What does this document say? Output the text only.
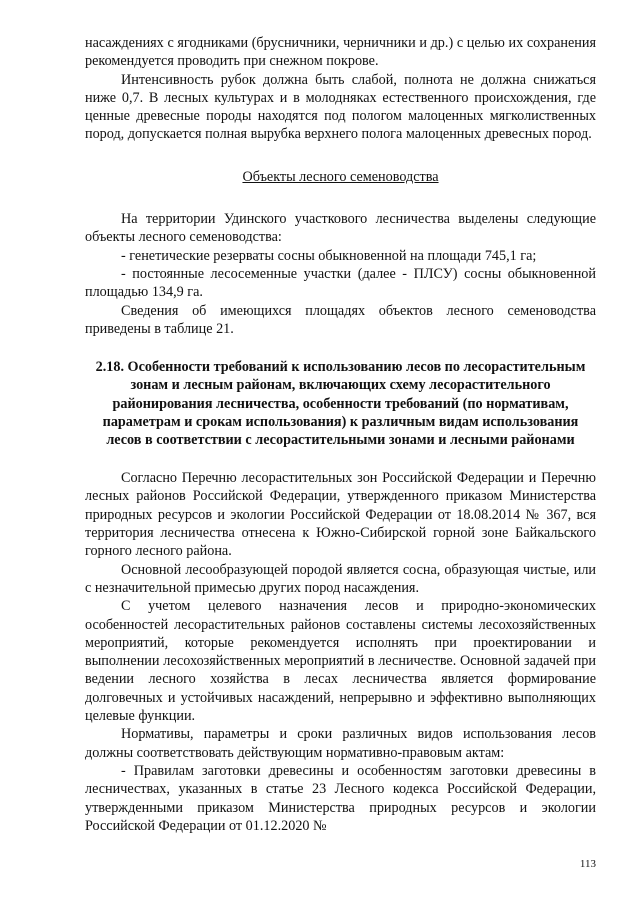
насаждениях с ягодниками (брусничники, черничники и др.) с целью их сохранения рекомендуется проводить при снежном покрове.

Интенсивность рубок должна быть слабой, полнота не должна снижаться ниже 0,7. В лесных культурах и в молодняках естественного происхождения, где ценные древесные породы находятся под пологом малоценных мягколиственных пород, допускается полная вырубка верхнего полога малоценных древесных пород.

Объекты лесного семеноводства

На территории Удинского участкового лесничества выделены следующие объекты лесного семеноводства:

- генетические резерваты сосны обыкновенной на площади 745,1 га;

- постоянные лесосеменные участки (далее - ПЛСУ) сосны обыкновенной площадью 134,9 га.

Сведения об имеющихся площадях объектов лесного семеноводства приведены в таблице 21.

2.18. Особенности требований к использованию лесов по лесорастительным зонам и лесным районам, включающих схему лесорастительного районирования лесничества, особенности требований (по нормативам, параметрам и срокам использования) к различным видам использования лесов в соответствии с лесорастительными зонами и лесными районами

Согласно Перечню лесорастительных зон Российской Федерации и Перечню лесных районов Российской Федерации, утвержденного приказом Министерства природных ресурсов и экологии Российской Федерации от 18.08.2014 № 367, вся территория лесничества отнесена к Южно-Сибирской горной зоне Байкальского горного лесного района.

Основной лесообразующей породой является сосна, образующая чистые, или с незначительной примесью других пород насаждения.

С учетом целевого назначения лесов и природно-экономических особенностей лесорастительных районов составлены системы лесохозяйственных мероприятий, которые рекомендуется исполнять при проектировании и выполнении лесохозяйственных мероприятий в лесничестве. Основной задачей при ведении лесного хозяйства в лесах лесничества является формирование долговечных и устойчивых насаждений, непрерывно и эффективно выполняющих целевые функции.

Нормативы, параметры и сроки различных видов использования лесов должны соответствовать действующим нормативно-правовым актам:

- Правилам заготовки древесины и особенностям заготовки древесины в лесничествах, указанных в статье 23 Лесного кодекса Российской Федерации, утвержденными приказом Министерства природных ресурсов и экологии Российской Федерации от 01.12.2020 №

113
